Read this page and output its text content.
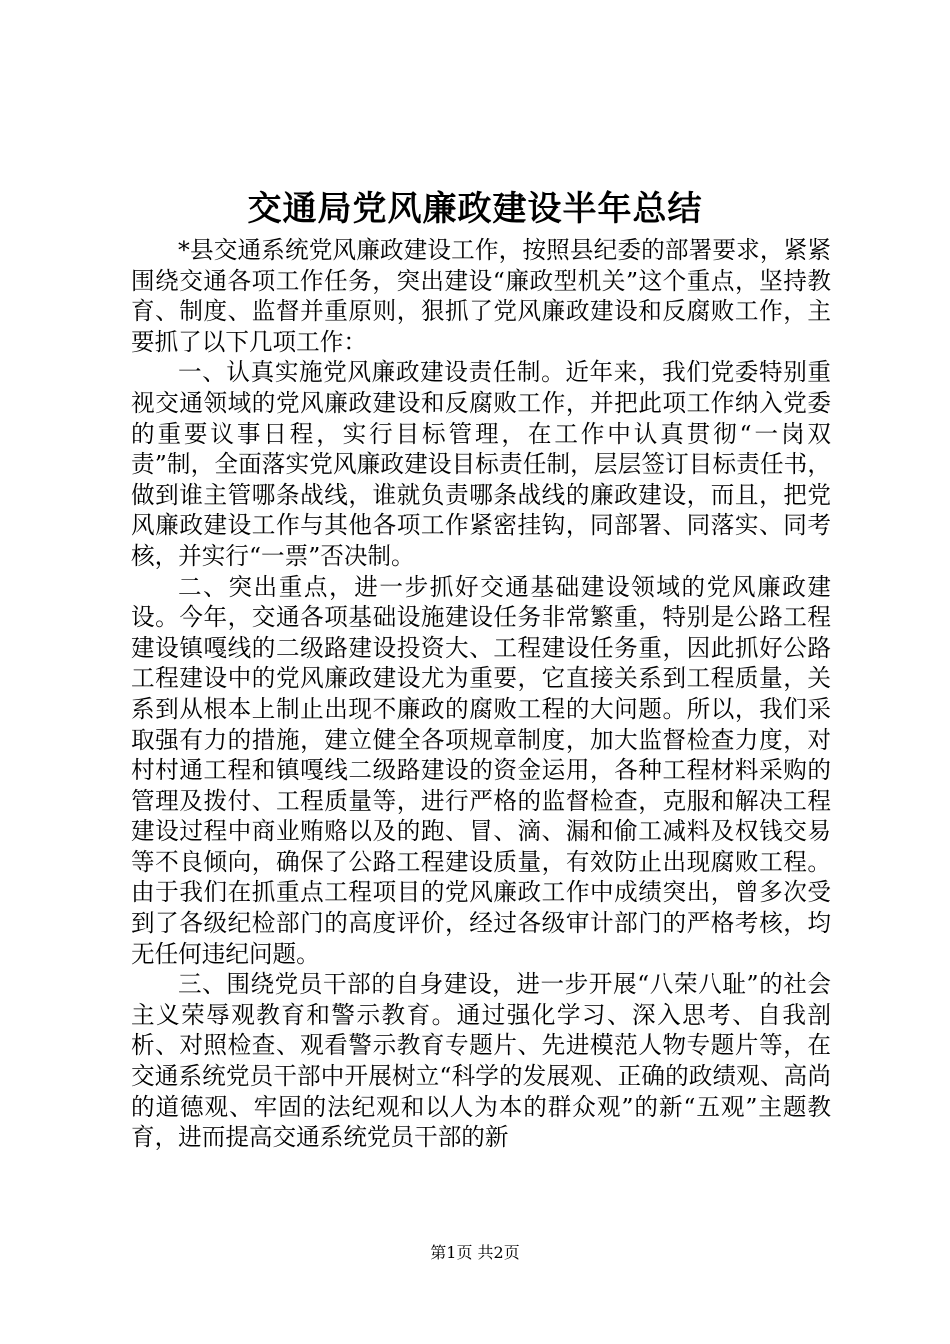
交通局党风廉政建设半年总结

*县交通系统党风廉政建设工作，按照县纪委的部署要求，紧紧围绕交通各项工作任务，突出建设“廉政型机关”这个重点，坚持教育、制度、监督并重原则，狠抓了党风廉政建设和反腐败工作，主要抓了以下几项工作：

一、认真实施党风廉政建设责任制。近年来，我们党委特别重视交通领域的党风廉政建设和反腐败工作，并把此项工作纳入党委的重要议事日程，实行目标管理，在工作中认真贯彻“一岗双责”制，全面落实党风廉政建设目标责任制，层层签订目标责任书，做到谁主管哪条战线，谁就负责哪条战线的廉政建设，而且，把党风廉政建设工作与其他各项工作紧密挂钩，同部署、同落实、同考核，并实行“一票”否决制。

二、突出重点，进一步抓好交通基础建设领域的党风廉政建设。今年，交通各项基础设施建设任务非常繁重，特别是公路工程建设镇嘎线的二级路建设投资大、工程建设任务重，因此抓好公路工程建设中的党风廉政建设尤为重要，它直接关系到工程质量，关系到从根本上制止出现不廉政的腐败工程的大问题。所以，我们采取强有力的措施，建立健全各项规章制度，加大监督检查力度，对村村通工程和镇嘎线二级路建设的资金运用，各种工程材料采购的管理及拨付、工程质量等，进行严格的监督检查，克服和解决工程建设过程中商业贿赂以及的跑、冒、滴、漏和偷工减料及权钱交易等不良倾向，确保了公路工程建设质量，有效防止出现腐败工程。由于我们在抓重点工程项目的党风廉政工作中成绩突出，曾多次受到了各级纪检部门的高度评价，经过各级审计部门的严格考核，均无任何违纪问题。

三、围绕党员干部的自身建设，进一步开展“八荣八耻”的社会主义荣辱观教育和警示教育。通过强化学习、深入思考、自我剖析、对照检查、观看警示教育专题片、先进模范人物专题片等，在交通系统党员干部中开展树立“科学的发展观、正确的政绩观、高尚的道德观、牢固的法纪观和以人为本的群众观”的新“五观”主题教育，进而提高交通系统党员干部的新

第1页 共2页
